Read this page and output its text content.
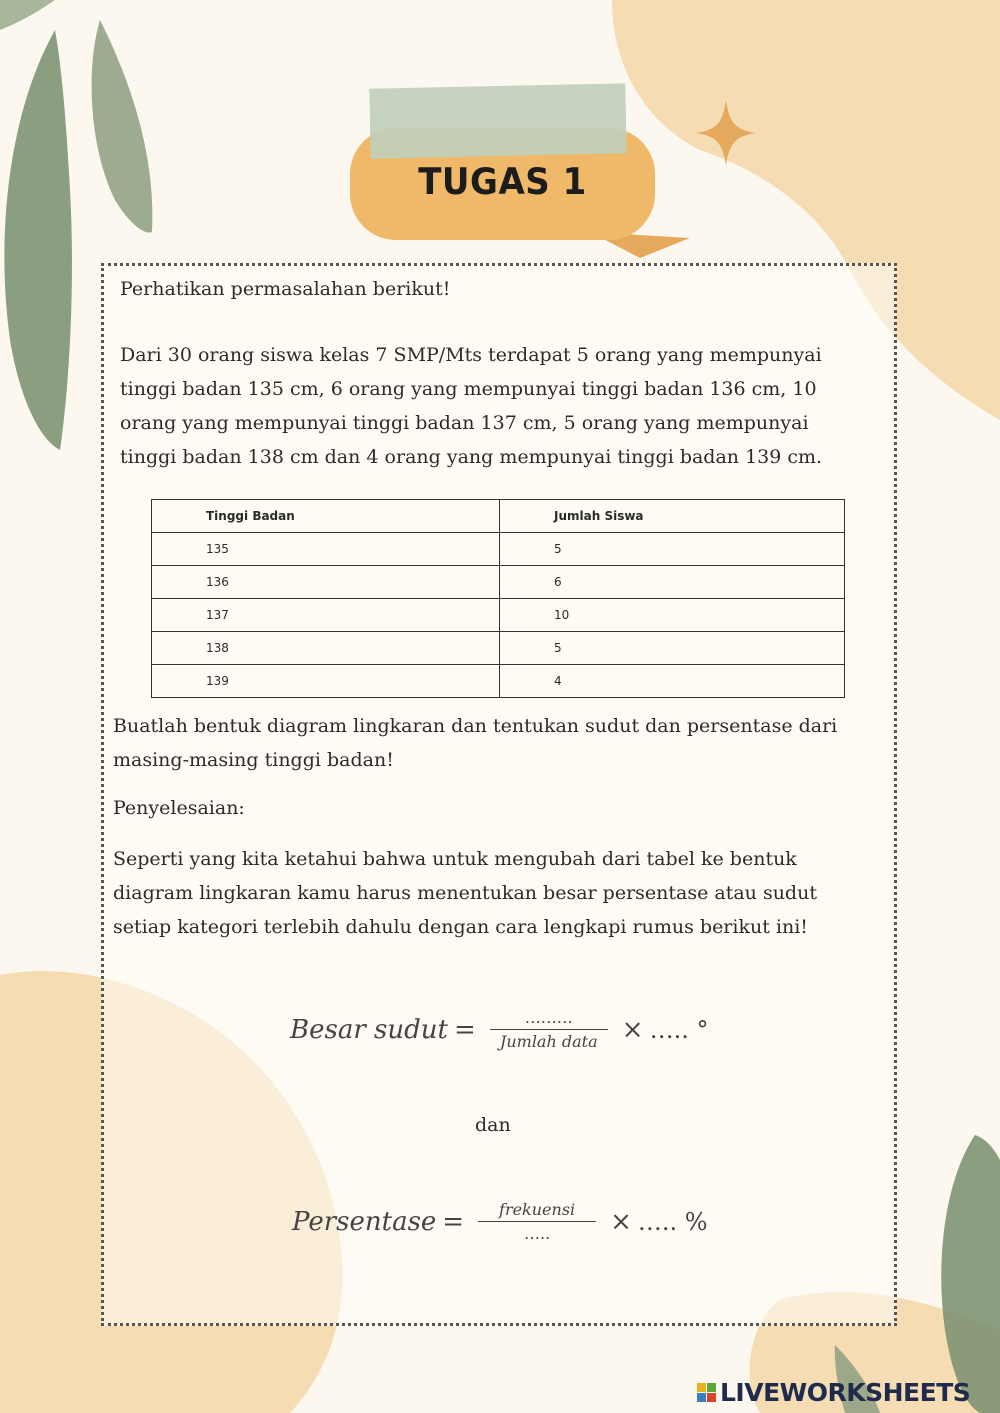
TUGAS 1

Perhatikan permasalahan berikut!

Dari 30 orang siswa kelas 7 SMP/Mts terdapat 5 orang yang mempunyai
tinggi badan 135 cm, 6 orang yang mempunyai tinggi badan 136 cm, 10
orang yang mempunyai tinggi badan 137 cm, 5 orang yang mempunyai
tinggi badan 138 cm dan 4 orang yang mempunyai tinggi badan 139 cm.

Tinggi Badan	Jumlah Siswa
135	5
136	6
137	10
138	5
139	4

Buatlah bentuk diagram lingkaran dan tentukan sudut dan persentase dari
masing-masing tinggi badan!

Penyelesaian:

Seperti yang kita ketahui bahwa untuk mengubah dari tabel ke bentuk
diagram lingkaran kamu harus menentukan besar persentase atau sudut
setiap kategori terlebih dahulu dengan cara lengkapi rumus berikut ini!

Besar sudut = $\frac{\dots\dots\dots}{\text{Jumlah data}}$ × ….. °

dan

Persentase = $\frac{\text{frekuensi}}{\dots..}$ × ….. %
LIVEWORKSHEETS
